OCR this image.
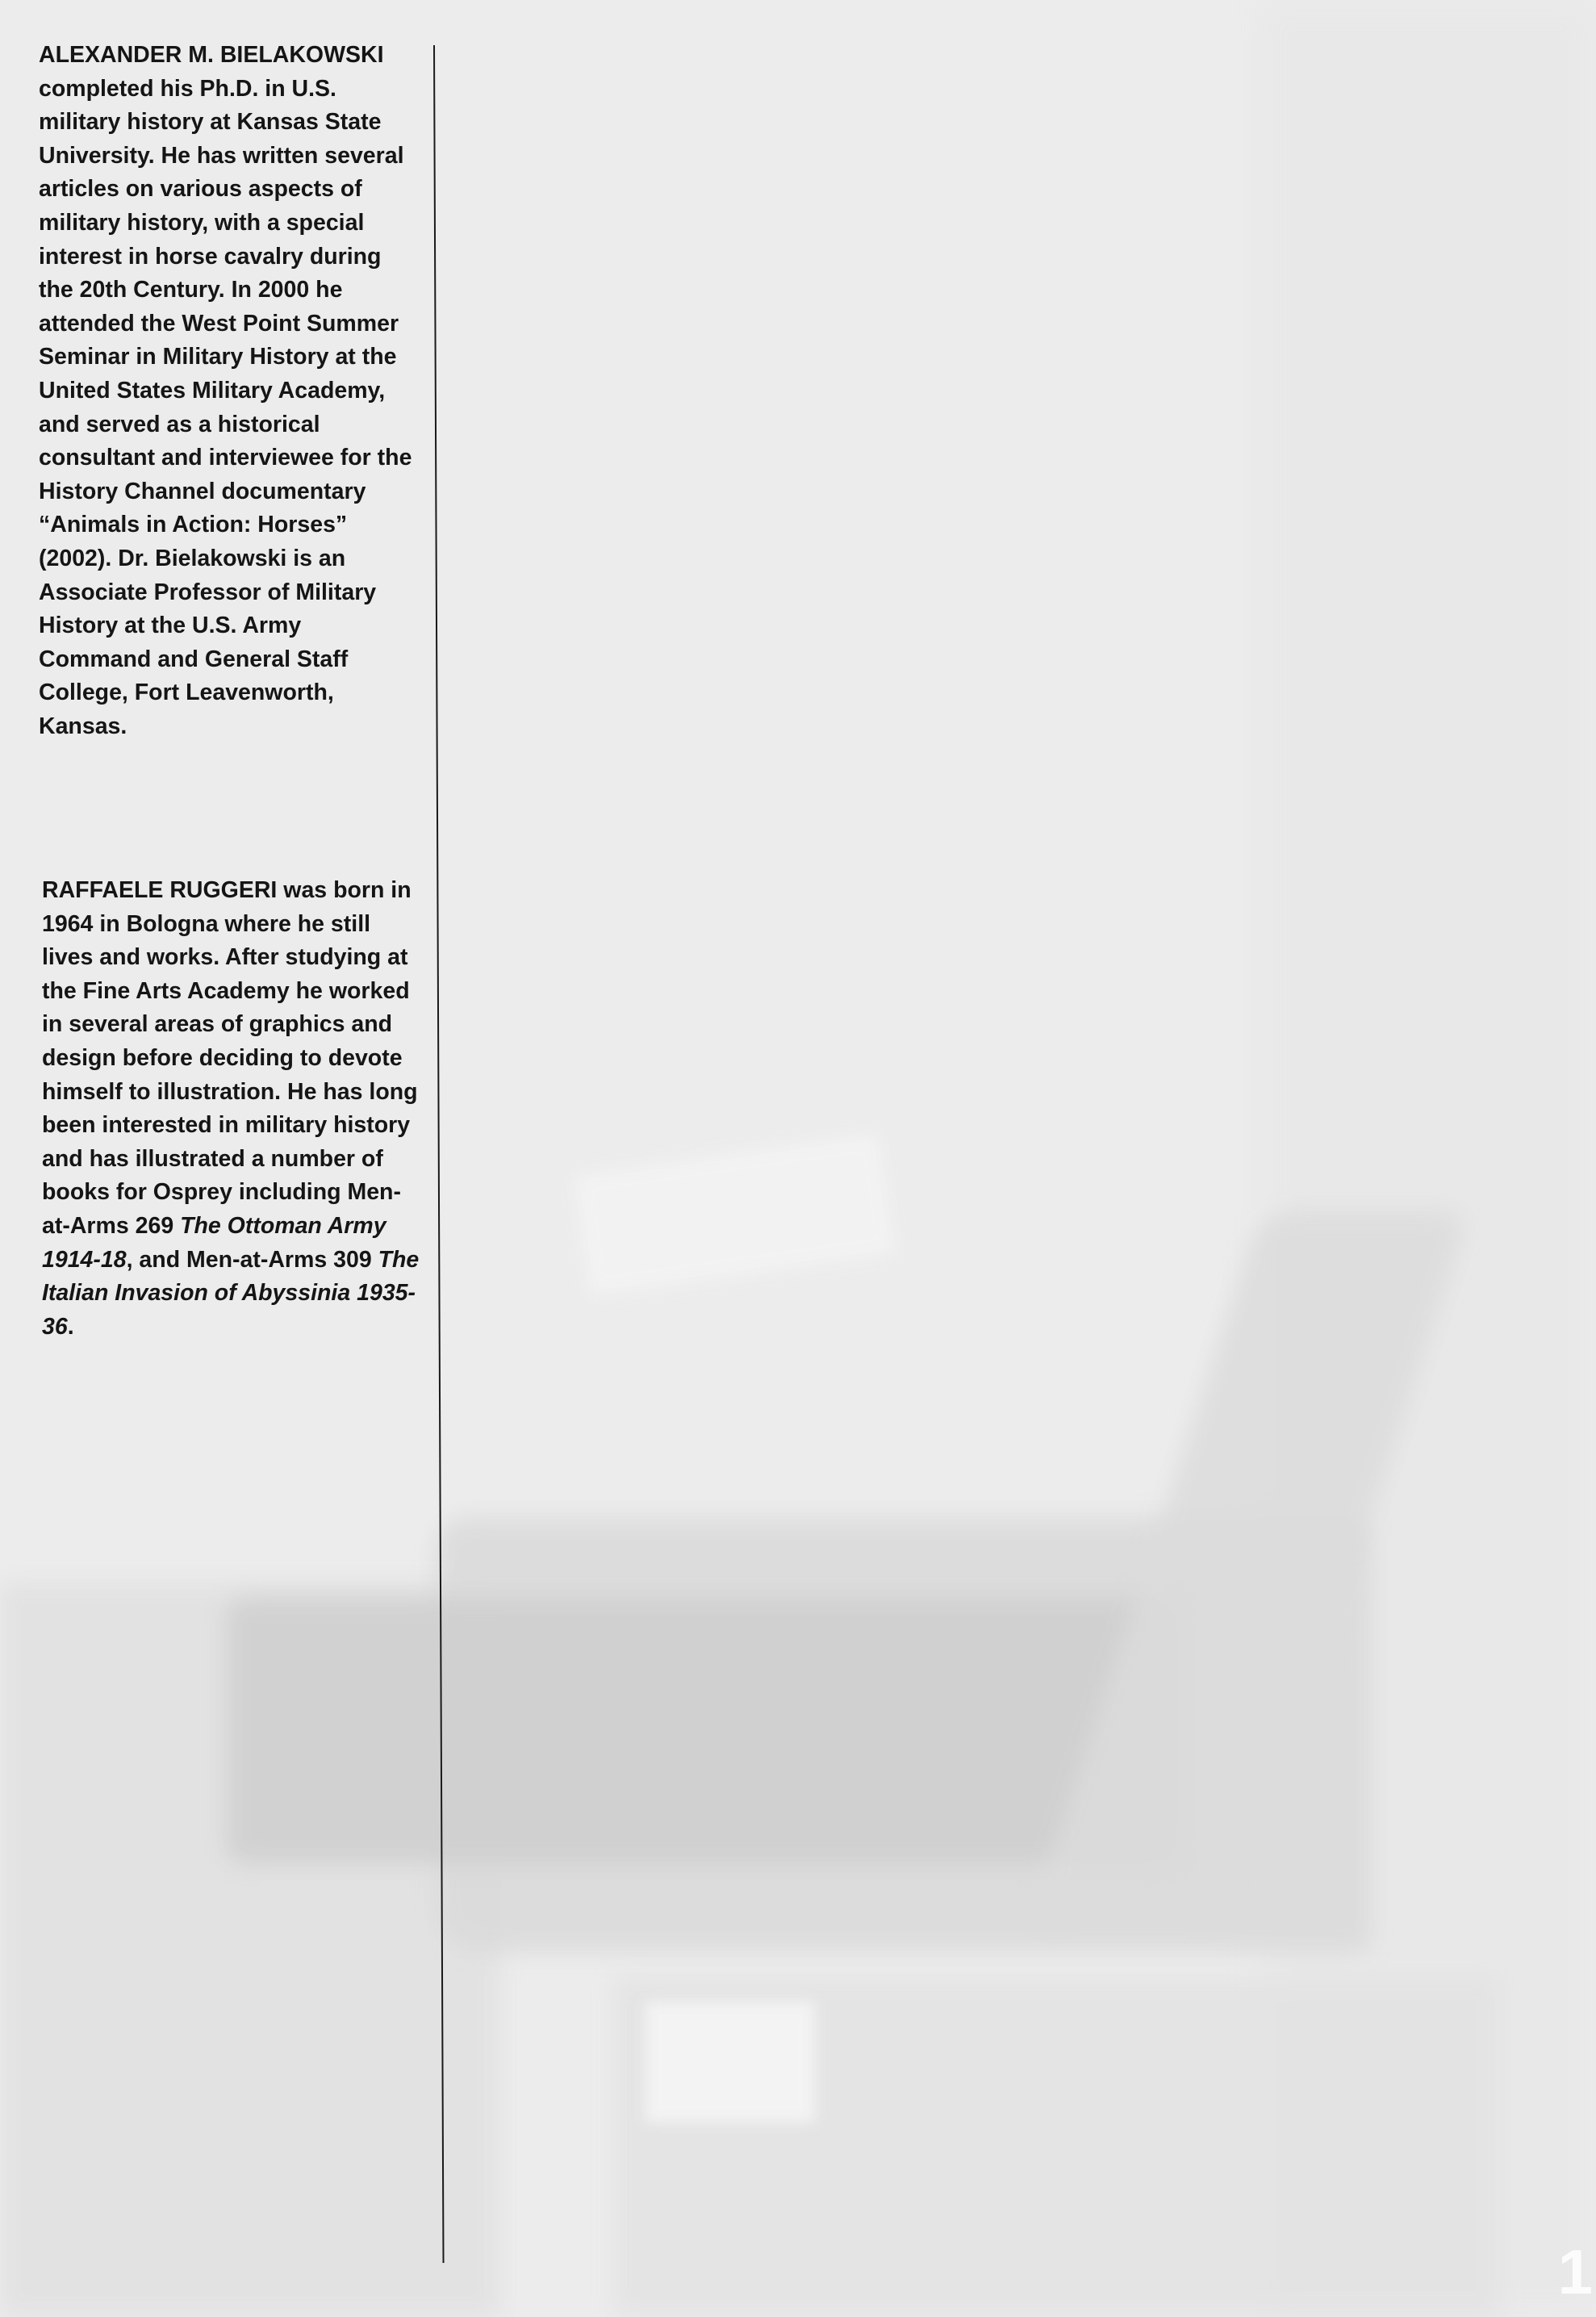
ALEXANDER M. BIELAKOWSKI completed his Ph.D. in U.S. military history at Kansas State University. He has written several articles on various aspects of military history, with a special interest in horse cavalry during the 20th Century. In 2000 he attended the West Point Summer Seminar in Military History at the United States Military Academy, and served as a historical consultant and interviewee for the History Channel documentary “Animals in Action: Horses” (2002). Dr. Bielakowski is an Associate Professor of Military History at the U.S. Army Command and General Staff College, Fort Leavenworth, Kansas.

RAFFAELE RUGGERI was born in 1964 in Bologna where he still lives and works. After studying at the Fine Arts Academy he worked in several areas of graphics and design before deciding to devote himself to illustration. He has long been interested in military history and has illustrated a number of books for Osprey including Men-at-Arms 269 The Ottoman Army 1914-18, and Men-at-Arms 309 The Italian Invasion of Abyssinia 1935-36.

1
